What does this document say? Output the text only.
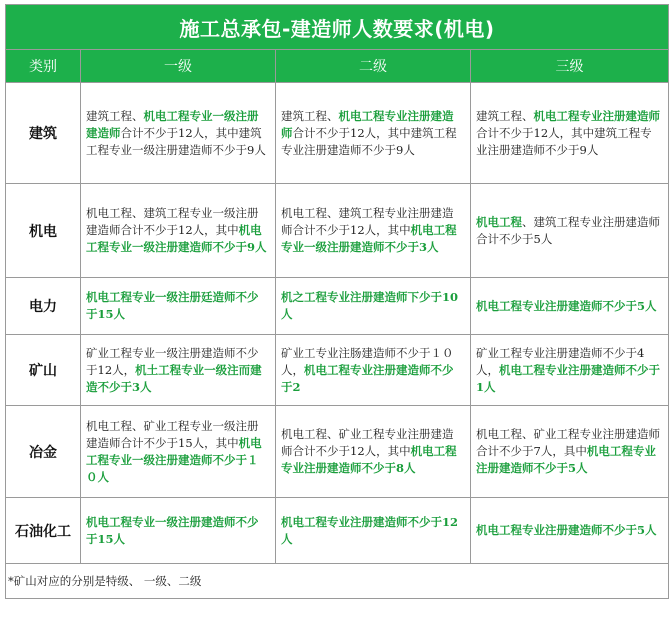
施工总承包-建造师人数要求(机电)			
类别	一级	二级	三级
建筑	建筑工程、机电工程专业一级注册建造师合计不少于12人，其中建筑工程专业一级注册建造师不少于9人	建筑工程、机电工程专业注册建造师合计不少于12人，其中建筑工程专业注册建造师不少于9人	建筑工程、机电工程专业注册建造师合计不少于12人，其中建筑工程专业注册建造师不少于9人
机电	机电工程、建筑工程专业一级注册建造师合计不少于12人，其中机电工程专业一级注册建造师不少于9人	机电工程、建筑工程专业注册建造师合计不少于12人，其中机电工程专业一级注册建造师不少于3人	机电工程、建筑工程专业注册建造师合计不少于5人
电力	机电工程专业一级注册廷造师不少于15人	机之工程专业注册建造师下少于10人	机电工程专业注册建造师不少于5人
矿山	矿业工程专业一级注册建造师不少于12人，机土工程专业一级注而建造不少于3人	矿业工专业注肠建造师不少于１０人，机电工程专业注册建造师不少于2	矿业工程专业注册建造师不少于4人，机电工程专业注册建造师不少于1人
冶金	机电工程、矿业工程专业一级注册建造师合计不少于15人，其中机电工程专业一级注册建造师不少于１０人	机电工程、矿业工程专业注册建造师合计不少于12人，其中机电工程专业注册建造师不少于8人	机电工程、矿业工程专业注册建造师合计不少于7人，具中机电工程专业注册建造师不少于5人
石油化工	机电工程专业一级注册建造师不少于15人	机电工程专业注册建造师不少于12人	机电工程专业注册建造师不少于5人
*矿山对应的分别是特级、 一级、二级			
